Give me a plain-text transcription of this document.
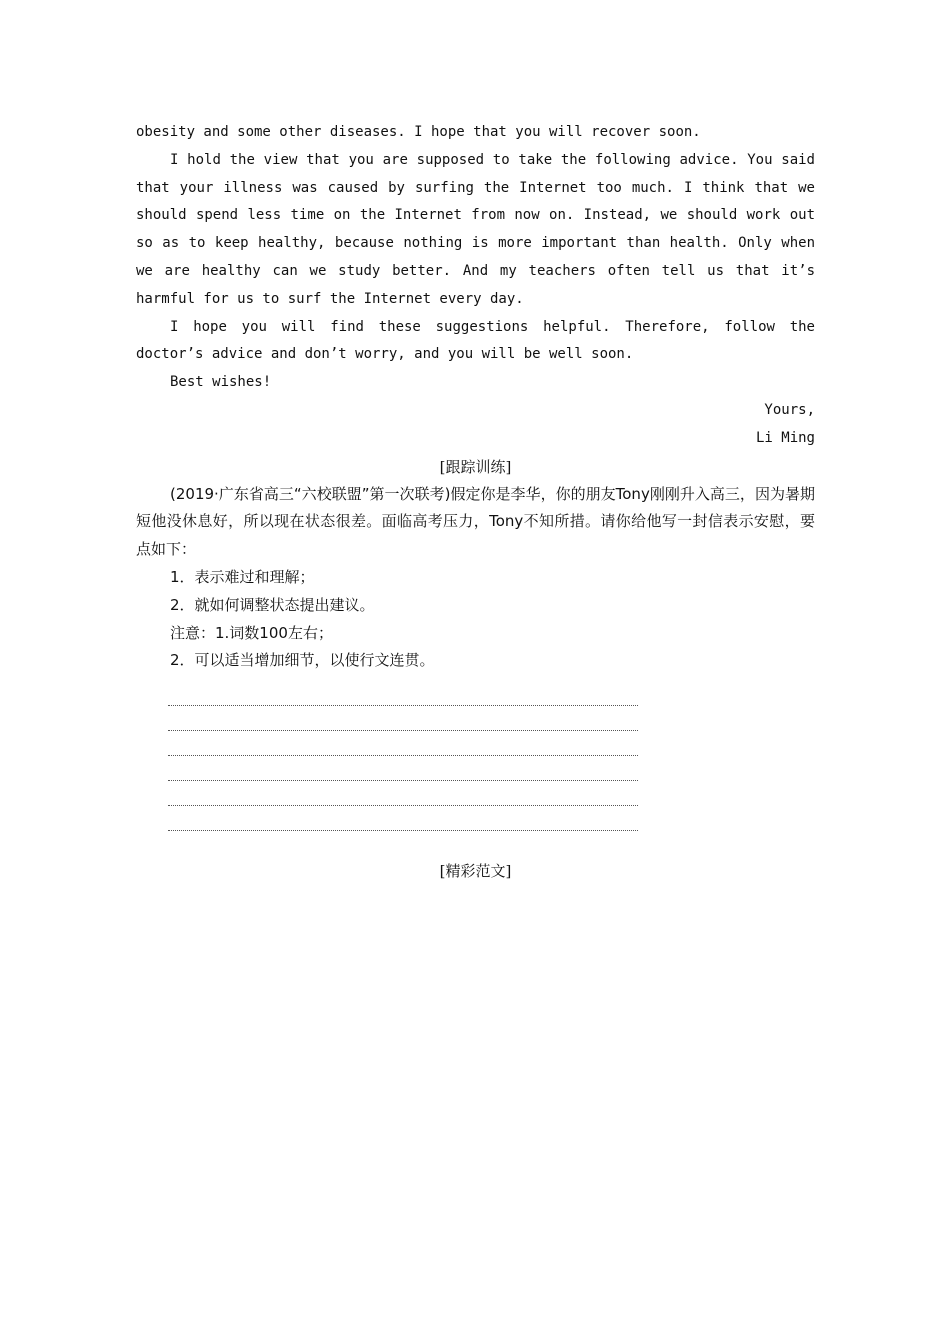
obesity and some other diseases. I hope that you will recover soon.

I hold the view that you are supposed to take the following advice. You said that your illness was caused by surfing the Internet too much. I think that we should spend less time on the Internet from now on. Instead, we should work out so as to keep healthy, because nothing is more important than health. Only when we are healthy can we study better. And my teachers often tell us that it’s harmful for us to surf the Internet every day.

I hope you will find these suggestions helpful. Therefore, follow the doctor’s advice and don’t worry, and you will be well soon.

Best wishes!

Yours,

Li Ming

[跟踪训练]

(2019·广东省高三“六校联盟”第一次联考)假定你是李华，你的朋友Tony刚刚升入高三，因为暑期短他没休息好，所以现在状态很差。面临高考压力，Tony不知所措。请你给他写一封信表示安慰，要点如下：

1．表示难过和理解；

2．就如何调整状态提出建议。

注意：1.词数100左右；

2．可以适当增加细节，以使行文连贯。

[精彩范文]
